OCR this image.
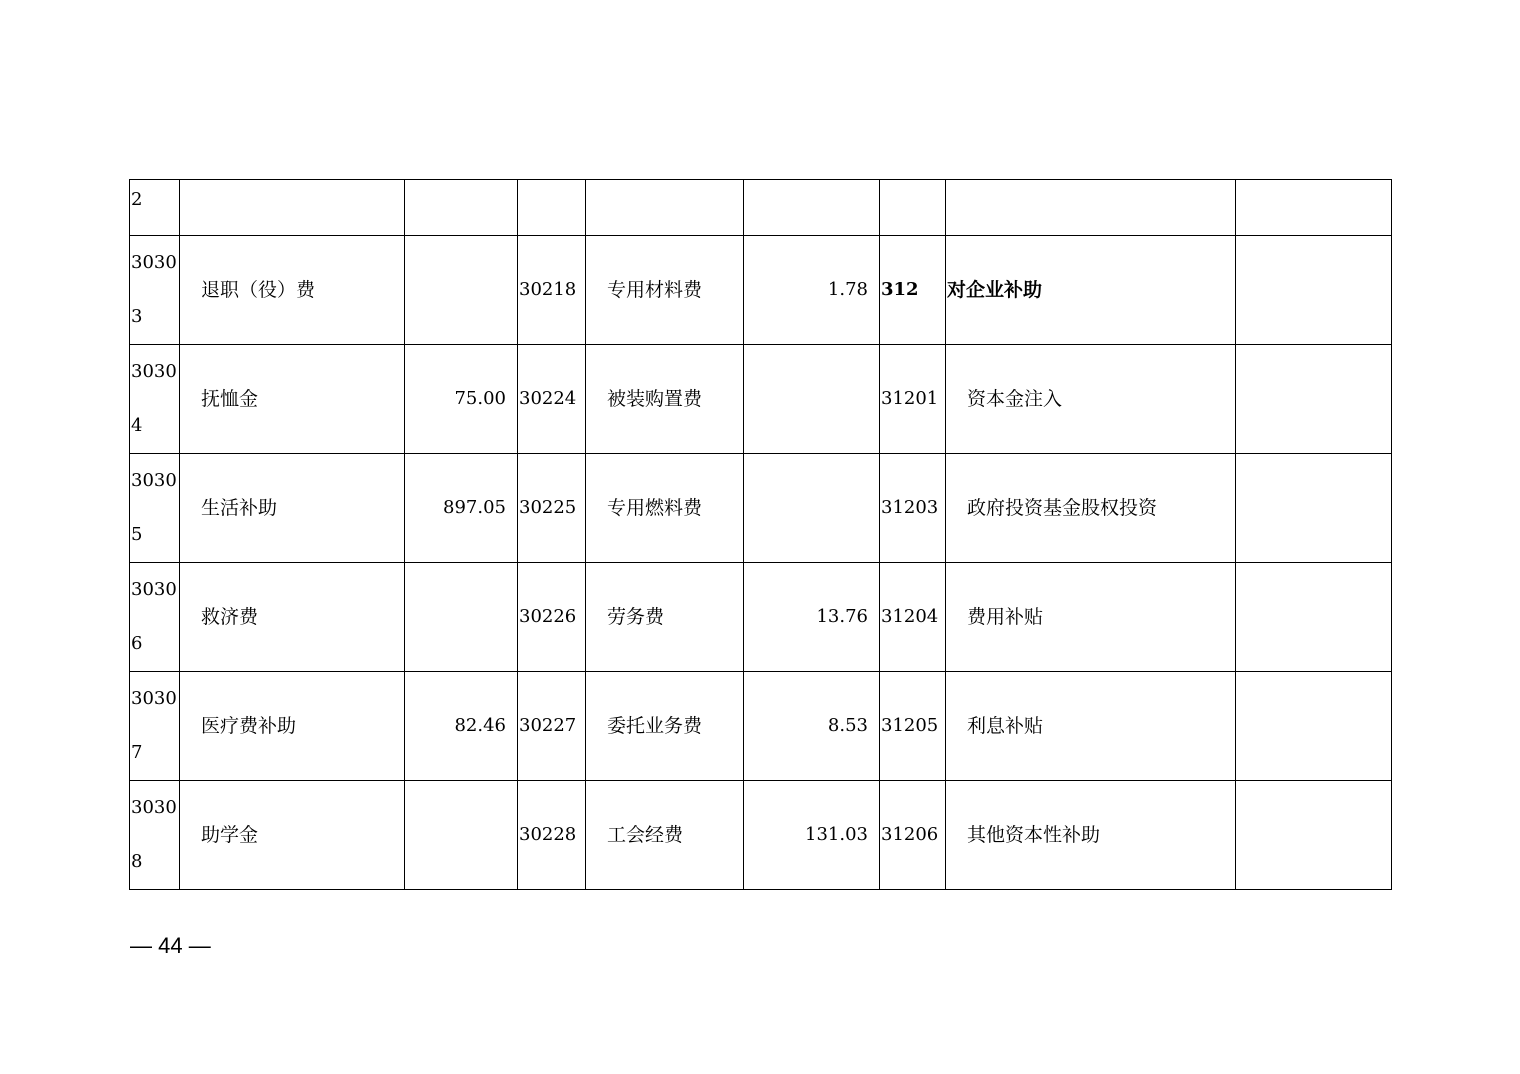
2								
3030
3	退职（役）费		30218	专用材料费	1.78	312	对企业补助	
3030
4	抚恤金	75.00	30224	被装购置费		31201	资本金注入	
3030
5	生活补助	897.05	30225	专用燃料费		31203	政府投资基金股权投资	
3030
6	救济费		30226	劳务费	13.76	31204	费用补贴	
3030
7	医疗费补助	82.46	30227	委托业务费	8.53	31205	利息补贴	
3030
8	助学金		30228	工会经费	131.03	31206	其他资本性补助	
— 44 —
